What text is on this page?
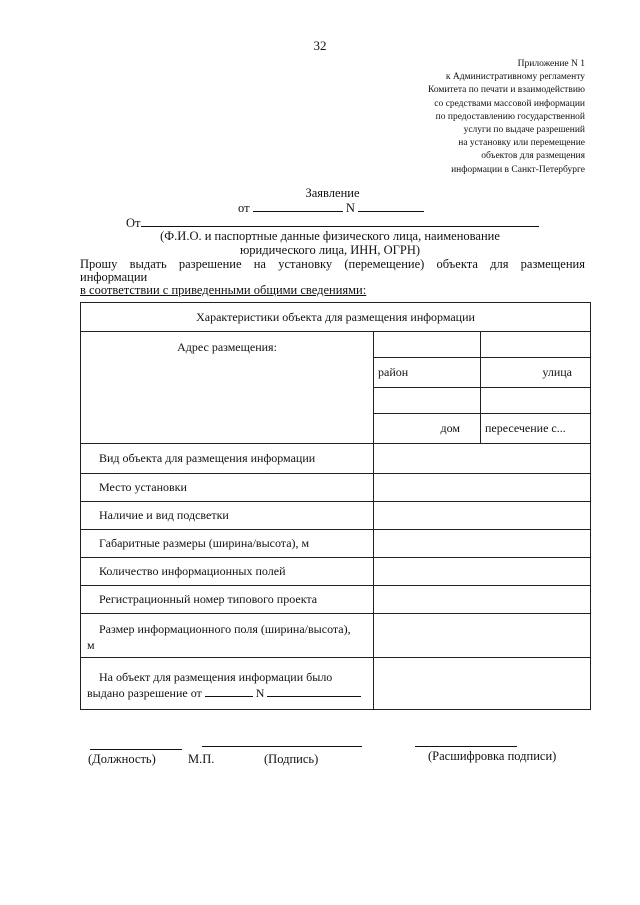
32
Приложение N 1
к Административному регламенту
Комитета по печати и взаимодействию
со средствами массовой информации
по предоставлению государственной
услуги по выдаче разрешений
на установку или перемещение
объектов для размещения
информации в Санкт-Петербурге
Заявление
от	N
От
(Ф.И.О. и паспортные данные физического лица, наименование
юридического лица, ИНН, ОГРН)
Прошу выдать разрешение на установку (перемещение) объекта для размещения
информации
в соответствии с приведенными общими сведениями:
Характеристики объекта для размещения информации		
Адрес размещения:		
	район	улица

	дом	пересечение с...
Вид объекта для размещения информации		
Место установки		
Наличие и вид подсветки		
Габаритные размеры (ширина/высота), м		
Количество информационных полей		
Регистрационный номер типового проекта		

Размер информационного поля (ширина/высота),
м		

На объект для размещения информации было
выдано разрешение от N		

(Должность)	М.П.	(Подпись)	(Расшифровка подписи)
